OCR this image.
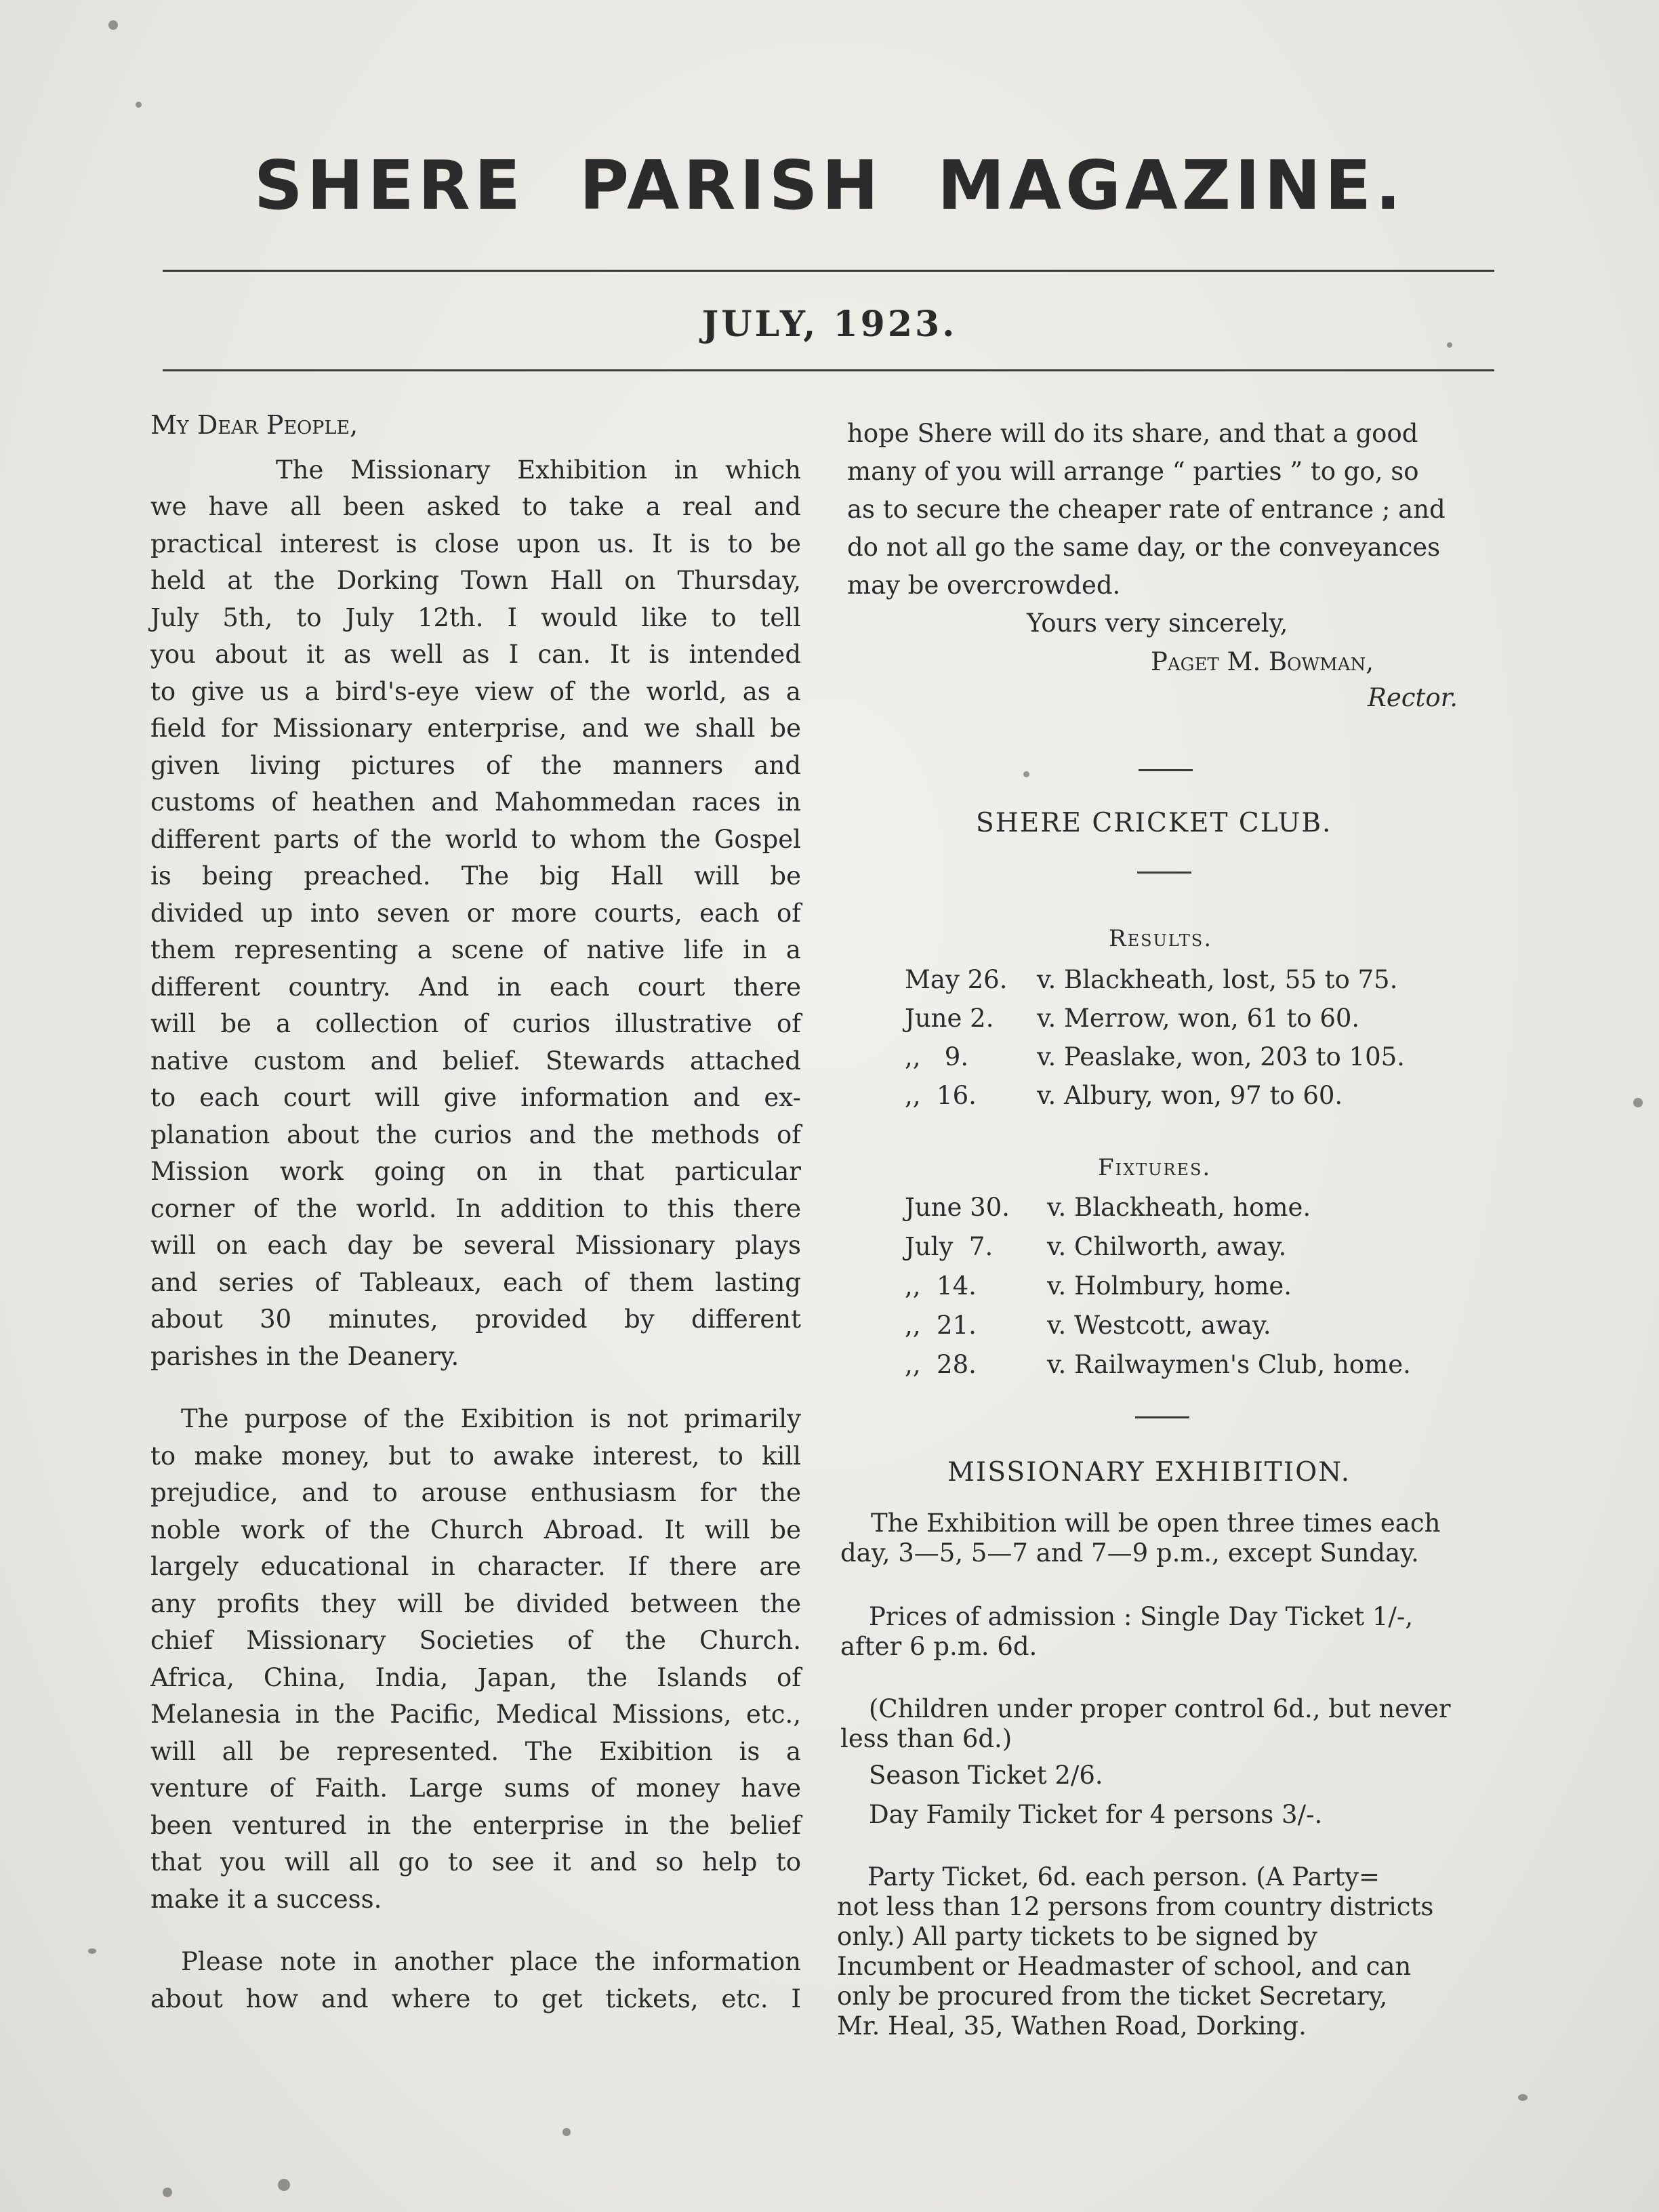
SHERE PARISH MAGAZINE.
JULY, 1923.
My Dear People,

The Missionary Exhibition in which

we have all been asked to take a real and

practical interest is close upon us. It is to be

held at the Dorking Town Hall on Thursday,

July 5th, to July 12th. I would like to tell

you about it as well as I can. It is intended

to give us a bird's-eye view of the world, as a

field for Missionary enterprise, and we shall be

given living pictures of the manners and

customs of heathen and Mahommedan races in

different parts of the world to whom the Gospel

is being preached. The big Hall will be

divided up into seven or more courts, each of

them representing a scene of native life in a

different country. And in each court there

will be a collection of curios illustrative of

native custom and belief. Stewards attached

to each court will give information and ex-

planation about the curios and the methods of

Mission work going on in that particular

corner of the world. In addition to this there

will on each day be several Missionary plays

and series of Tableaux, each of them lasting

about 30 minutes, provided by different

parishes in the Deanery.

The purpose of the Exibition is not primarily

to make money, but to awake interest, to kill

prejudice, and to arouse enthusiasm for the

noble work of the Church Abroad. It will be

largely educational in character. If there are

any profits they will be divided between the

chief Missionary Societies of the Church.

Africa, China, India, Japan, the Islands of

Melanesia in the Pacific, Medical Missions, etc.,

will all be represented. The Exibition is a

venture of Faith. Large sums of money have

been ventured in the enterprise in the belief

that you will all go to see it and so help to

make it a success.

Please note in another place the information

about how and where to get tickets, etc. I

hope Shere will do its share, and that a good

many of you will arrange “ parties ” to go, so

as to secure the cheaper rate of entrance ; and

do not all go the same day, or the conveyances

may be overcrowded.

Yours very sincerely,
Paget M. Bowman,
Rector.
SHERE CRICKET CLUB.
Results.
May 26. v. Blackheath, lost, 55 to 75.
June 2. v. Merrow, won, 61 to 60.
,,   9.	v. Peaslake, won, 203 to 105.
,,  16. v. Albury, won, 97 to 60.
Fixtures.
June 30. v. Blackheath, home.
July  7. v. Chilworth, away.
,,  14.	v. Holmbury, home.
,,  21.	v. Westcott, away.
,,  28.	v. Railwaymen's Club, home.
MISSIONARY EXHIBITION.

The Exhibition will be open three times each

day, 3—5, 5—7 and 7—9 p.m., except Sunday.

Prices of admission : Single Day Ticket 1/-,

after 6 p.m. 6d.

(Children under proper control 6d., but never

less than 6d.)

Season Ticket 2/6.
Day Family Ticket for 4 persons 3/-.

Party Ticket, 6d. each person. (A Party=

not less than 12 persons from country districts

only.) All party tickets to be signed by

Incumbent or Headmaster of school, and can

only be procured from the ticket Secretary,

Mr. Heal, 35, Wathen Road, Dorking.
